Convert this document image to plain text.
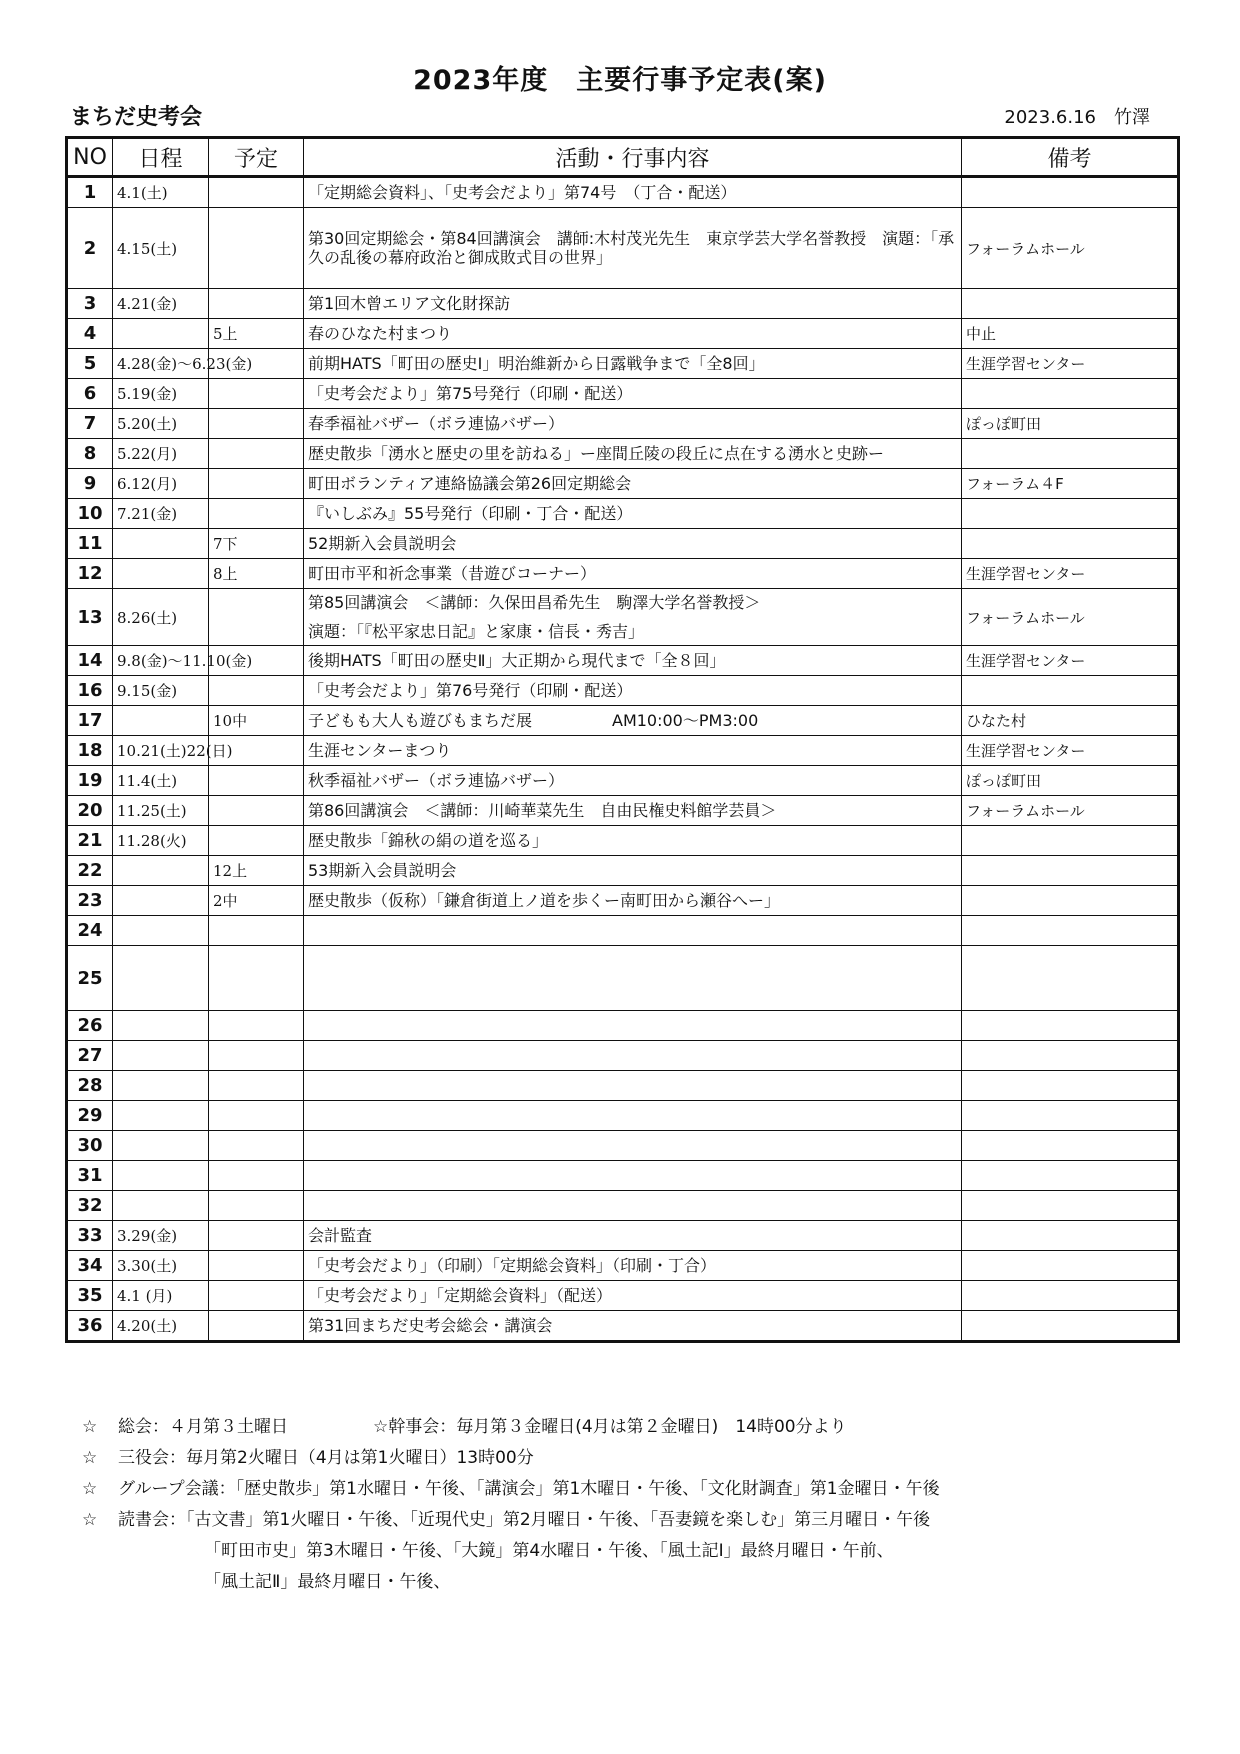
2023年度　主要行事予定表(案)
まちだ史考会	2023.6.16　竹澤
NO	日程	予定	活動・行事内容	備考
1	4.1(土)		「定期総会資料」、「史考会だより」第74号　（丁合・配送）	
2	4.15(土)		第30回定期総会・第84回講演会　講師:木村茂光先生　東京学芸大学名誉教授　演題：「承久の乱後の幕府政治と御成敗式目の世界」	フォーラムホール
3	4.21(金)		第1回木曾エリア文化財探訪	
4		5上	春のひなた村まつり	中止
5	4.28(金)～6.23(金)		前期HATS「町田の歴史Ⅰ」明治維新から日露戦争まで「全8回」	生涯学習センター
6	5.19(金)		「史考会だより」第75号発行（印刷・配送）	
7	5.20(土)		春季福祉バザー（ボラ連協バザー）	ぽっぽ町田
8	5.22(月)		歴史散歩「湧水と歴史の里を訪ねる」ー座間丘陵の段丘に点在する湧水と史跡ー	
9	6.12(月)		町田ボランティア連絡協議会第26回定期総会	フォーラム４F
10	7.21(金)		『いしぶみ』55号発行（印刷・丁合・配送）	
11		7下	52期新入会員説明会	
12		8上	町田市平和祈念事業（昔遊びコーナー）	生涯学習センター
13	8.26(土)		第85回講演会　＜講師：久保田昌希先生　駒澤大学名誉教授＞
演題：「『松平家忠日記』と家康・信長・秀吉」	フォーラムホール
14	9.8(金)～11.10(金)		後期HATS「町田の歴史Ⅱ」大正期から現代まで「全８回」	生涯学習センター
16	9.15(金)		「史考会だより」第76号発行（印刷・配送）	
17		10中	子どもも大人も遊びもまちだ展　　　　　AM10:00～PM3:00	ひなた村
18	10.21(土)22(日)		生涯センターまつり	生涯学習センター
19	11.4(土)		秋季福祉バザー（ボラ連協バザー）	ぽっぽ町田
20	11.25(土)		第86回講演会　＜講師：川崎華菜先生　自由民権史料館学芸員＞	フォーラムホール
21	11.28(火)		歴史散歩「錦秋の絹の道を巡る」	
22		12上	53期新入会員説明会	
23		2中	歴史散歩（仮称）「鎌倉街道上ノ道を歩くー南町田から瀬谷へー」	
24				
25				
26				
27				
28				
29				
30				
31				
32				
33	3.29(金)		会計監査	
34	3.30(土)		「史考会だより」（印刷）「定期総会資料」（印刷・丁合）	
35	4.1 (月)		「史考会だより」「定期総会資料」（配送）	
36	4.20(土)		第31回まちだ史考会総会・講演会	
☆ 総会：４月第３土曜日　　　　　☆幹事会：毎月第３金曜日(4月は第２金曜日)　14時00分より
☆ 三役会：毎月第2火曜日（4月は第1火曜日）13時00分
☆ グループ会議：「歴史散歩」第1水曜日・午後、「講演会」第1木曜日・午後、「文化財調査」第1金曜日・午後
☆ 読書会：「古文書」第1火曜日・午後、「近現代史」第2月曜日・午後、「吾妻鏡を楽しむ」第三月曜日・午後
「町田市史」第3木曜日・午後、「大鏡」第4水曜日・午後、「風土記Ⅰ」最終月曜日・午前、
「風土記Ⅱ」最終月曜日・午後、
